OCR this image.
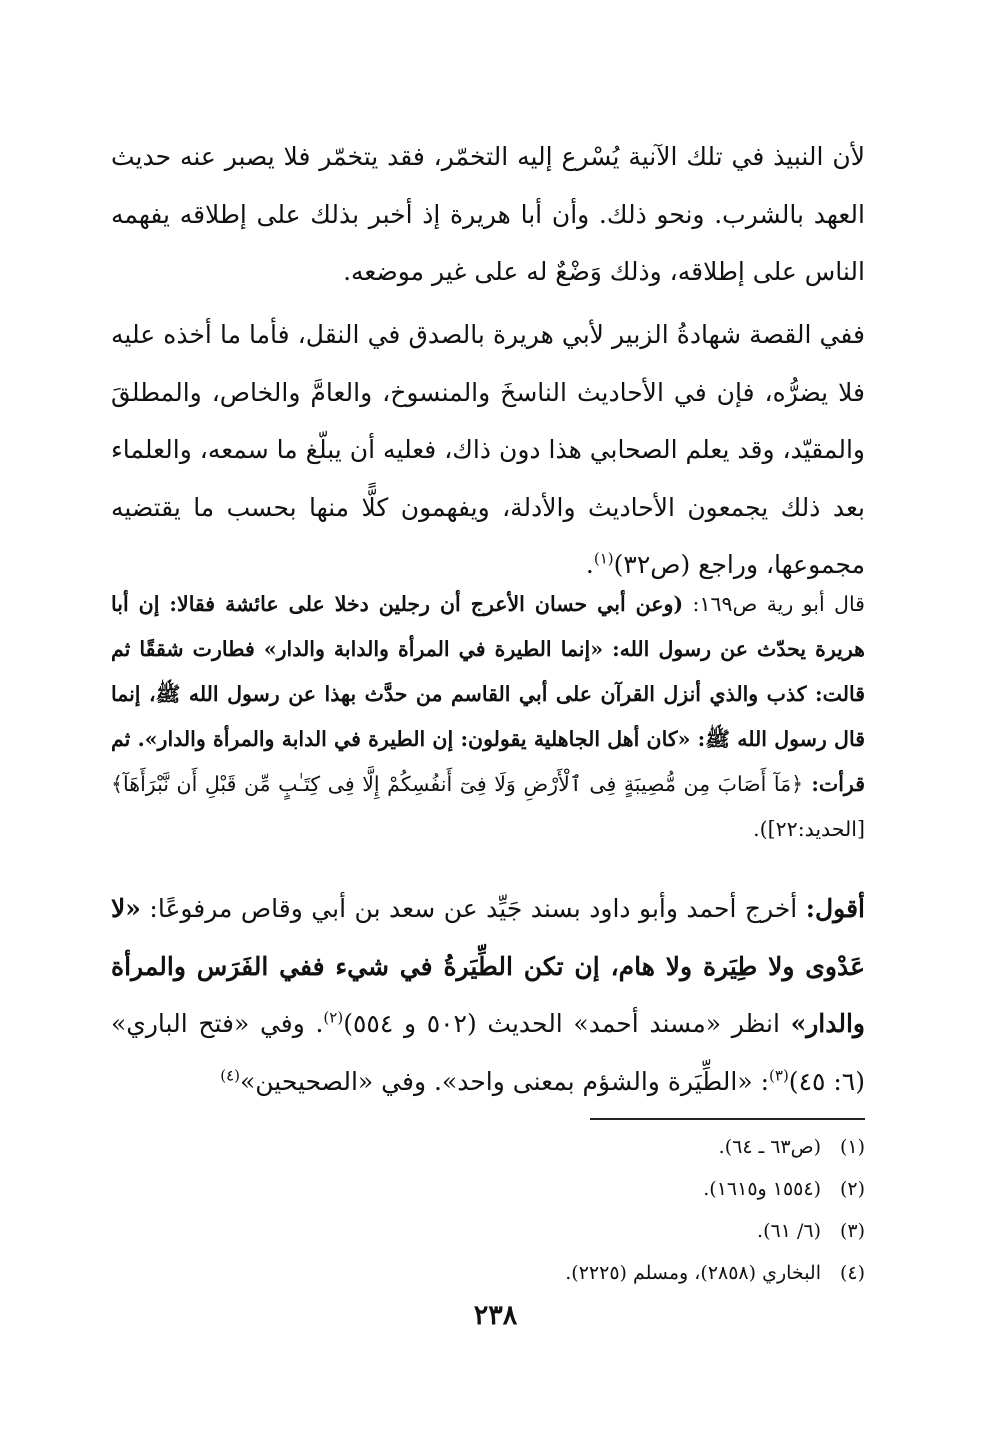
لأن النبيذ في تلك الآنية يُسْرع إليه التخمّر، فقد يتخمّر فلا يصبر عنه حديث العهد بالشرب. ونحو ذلك. وأن أبا هريرة إذ أخبر بذلك على إطلاقه يفهمه الناس على إطلاقه، وذلك وَضْعٌ له على غير موضعه.

ففي القصة شهادةُ الزبير لأبي هريرة بالصدق في النقل، فأما ما أخذه عليه فلا يضرُّه، فإن في الأحاديث الناسخَ والمنسوخ، والعامَّ والخاص، والمطلقَ والمقيّد، وقد يعلم الصحابي هذا دون ذاك، فعليه أن يبلّغ ما سمعه، والعلماء بعد ذلك يجمعون الأحاديث والأدلة، ويفهمون كلًّا منها بحسب ما يقتضيه مجموعها، وراجع (ص٣٢)$^{(١)}$.

قال أبو رية ص١٦٩: (وعن أبي حسان الأعرج أن رجلين دخلا على عائشة فقالا: إن أبا هريرة يحدّث عن رسول الله: «إنما الطيرة في المرأة والدابة والدار» فطارت شققًا ثم قالت: كذب والذي أنزل القرآن على أبي القاسم من حدَّث بهذا عن رسول الله ﷺ، إنما قال رسول الله ﷺ: «كان أهل الجاهلية يقولون: إن الطيرة في الدابة والمرأة والدار». ثم قرأت: ﴿مَآ أَصَابَ مِن مُّصِيبَةٍ فِى ٱلْأَرْضِ وَلَا فِىٓ أَنفُسِكُمْ إِلَّا فِى كِتَـٰبٍ مِّن قَبْلِ أَن نَّبْرَأَهَآ﴾ [الحديد:٢٢]).

أقول: أخرج أحمد وأبو داود بسند جَيِّد عن سعد بن أبي وقاص مرفوعًا: «لا عَدْوى ولا طِيَرة ولا هام، إن تكن الطِّيَرةُ في شيء ففي الفَرَس والمرأة والدار» انظر «مسند أحمد» الحديث (٥٠٢ و ٥٥٤)$^{(٢)}$. وفي «فتح الباري» (٦: ٤٥)$^{(٣)}$: «الطِّيَرة والشؤم بمعنى واحد». وفي «الصحيحين»$^{(٤)}$

(١)
(ص٦٣ ـ ٦٤).
(٢)
(١٥٥٤ و١٦١٥).
(٣)
(٦/ ٦١).
(٤)
البخاري (٢٨٥٨)، ومسلم (٢٢٢٥).
٢٣٨
